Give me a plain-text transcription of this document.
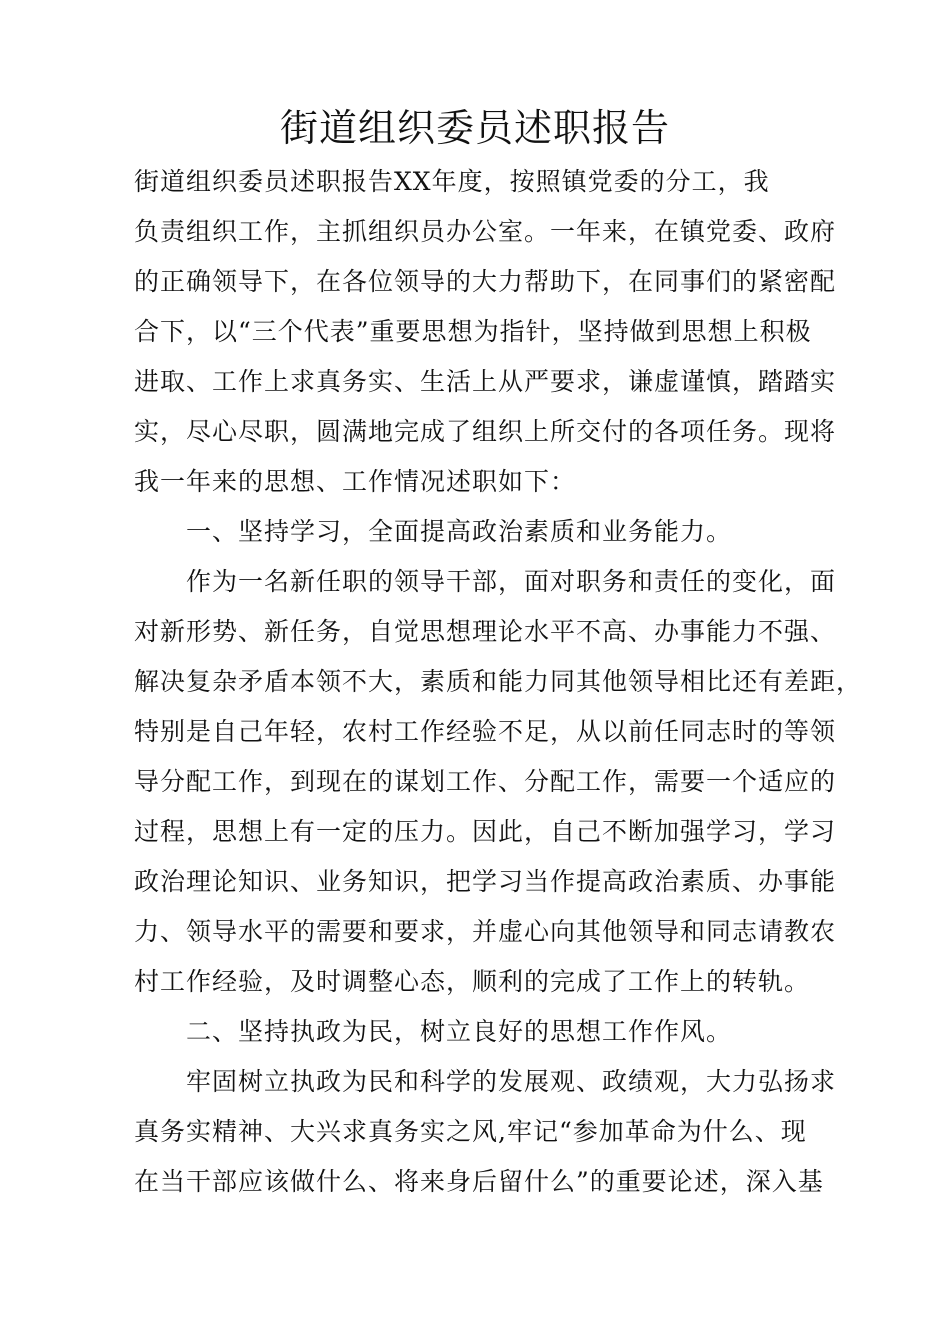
街道组织委员述职报告
街道组织委员述职报告XX年度，按照镇党委的分工，我
负责组织工作，主抓组织员办公室。一年来，在镇党委、政府
的正确领导下，在各位领导的大力帮助下，在同事们的紧密配
合下，以“三个代表”重要思想为指针，坚持做到思想上积极
进取、工作上求真务实、生活上从严要求，谦虚谨慎，踏踏实
实，尽心尽职，圆满地完成了组织上所交付的各项任务。现将
我一年来的思想、工作情况述职如下：
一、坚持学习，全面提高政治素质和业务能力。
作为一名新任职的领导干部，面对职务和责任的变化，面
对新形势、新任务，自觉思想理论水平不高、办事能力不强、
解决复杂矛盾本领不大，素质和能力同其他领导相比还有差距，
特别是自己年轻，农村工作经验不足，从以前任同志时的等领
导分配工作，到现在的谋划工作、分配工作，需要一个适应的
过程，思想上有一定的压力。因此，自己不断加强学习，学习
政治理论知识、业务知识，把学习当作提高政治素质、办事能
力、领导水平的需要和要求，并虚心向其他领导和同志请教农
村工作经验，及时调整心态，顺利的完成了工作上的转轨。
二、坚持执政为民，树立良好的思想工作作风。
牢固树立执政为民和科学的发展观、政绩观，大力弘扬求
真务实精神、大兴求真务实之风,牢记“参加革命为什么、现
在当干部应该做什么、将来身后留什么”的重要论述，深入基
